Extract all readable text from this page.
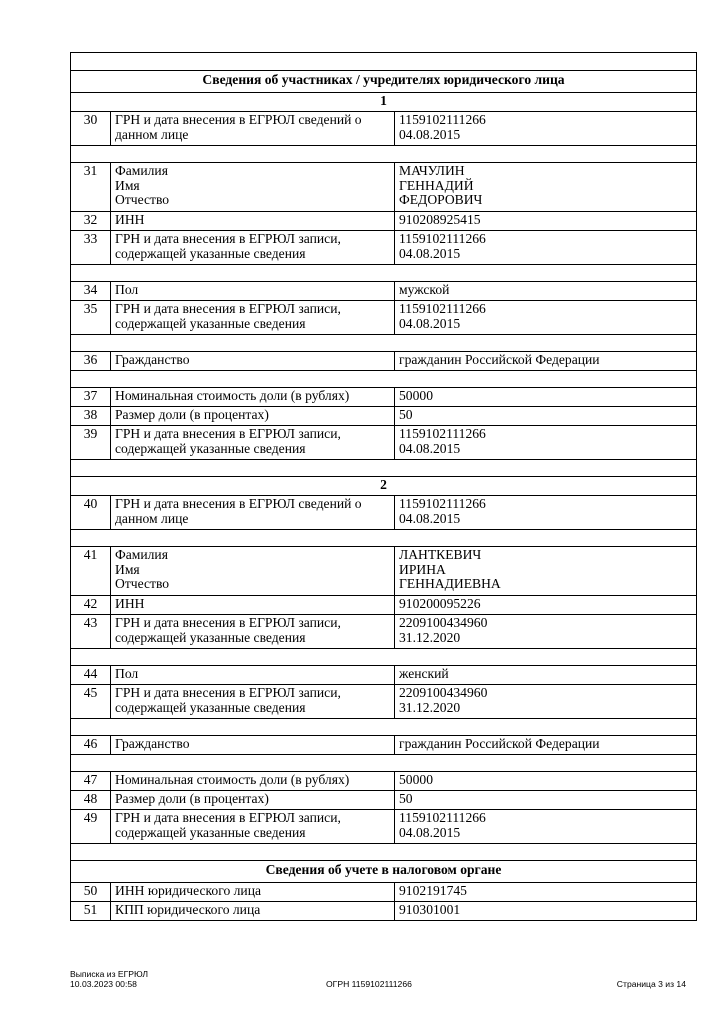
Сведения об участниках / учредителях юридического лица		
1		
30	ГРН и дата внесения в ЕГРЮЛ сведений о
данном лице	1159102111266
04.08.2015

31	Фамилия
Имя
Отчество	МАЧУЛИН
ГЕННАДИЙ
ФЕДОРОВИЧ

32	ИНН	910208925415
33	ГРН и дата внесения в ЕГРЮЛ записи,
содержащей указанные сведения	1159102111266
04.08.2015

34	Пол	мужской
35	ГРН и дата внесения в ЕГРЮЛ записи,
содержащей указанные сведения	1159102111266
04.08.2015

36	Гражданство	гражданин Российской Федерации

37	Номинальная стоимость доли (в рублях)	50000
38	Размер доли (в процентах)	50
39	ГРН и дата внесения в ЕГРЮЛ записи,
содержащей указанные сведения	1159102111266
04.08.2015

2		
40	ГРН и дата внесения в ЕГРЮЛ сведений о
данном лице	1159102111266
04.08.2015

41	Фамилия
Имя
Отчество	ЛАНТКЕВИЧ
ИРИНА
ГЕННАДИЕВНА

42	ИНН	910200095226
43	ГРН и дата внесения в ЕГРЮЛ записи,
содержащей указанные сведения	2209100434960
31.12.2020

44	Пол	женский
45	ГРН и дата внесения в ЕГРЮЛ записи,
содержащей указанные сведения	2209100434960
31.12.2020

46	Гражданство	гражданин Российской Федерации

47	Номинальная стоимость доли (в рублях)	50000
48	Размер доли (в процентах)	50
49	ГРН и дата внесения в ЕГРЮЛ записи,
содержащей указанные сведения	1159102111266
04.08.2015

Сведения об учете в налоговом органе		
50	ИНН юридического лица	9102191745
51	КПП юридического лица	910301001
Выписка из ЕГРЮЛ
10.03.2023 00:58	ОГРН 1159102111266	Страница 3 из 14
